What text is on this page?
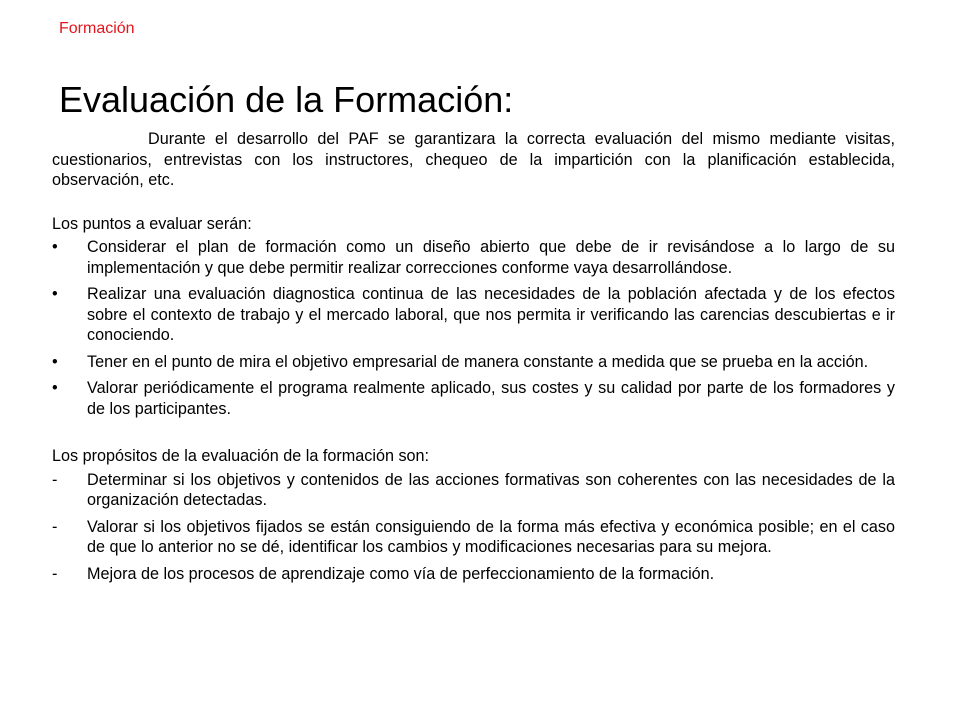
Formación
Evaluación de la Formación:

Durante el desarrollo del PAF se garantizara la correcta evaluación del mismo mediante visitas, cuestionarios, entrevistas con los instructores, chequeo de la impartición con la planificación establecida, observación, etc.

Los puntos a evaluar serán:

• Considerar el plan de formación como un diseño abierto que debe de ir revisándose a lo largo de su implementación y que debe permitir realizar correcciones conforme vaya desarrollándose.
• Realizar una evaluación diagnostica continua de las necesidades de la población afectada y de los efectos sobre el contexto de trabajo y el mercado laboral, que nos permita ir verificando las carencias descubiertas e ir conociendo.
• Tener en el punto de mira el objetivo empresarial de manera constante a medida que se prueba en la acción.
• Valorar periódicamente el programa realmente aplicado, sus costes y su calidad por parte de los formadores y de los participantes.

Los propósitos de la evaluación de la formación son:

- Determinar si los objetivos y contenidos de las acciones formativas son coherentes con las necesidades de la organización detectadas.
- Valorar si los objetivos fijados se están consiguiendo de la forma más efectiva y económica posible; en el caso de que lo anterior no se dé, identificar los cambios y modificaciones necesarias para su mejora.
- Mejora de los procesos de aprendizaje como vía de perfeccionamiento de la formación.
